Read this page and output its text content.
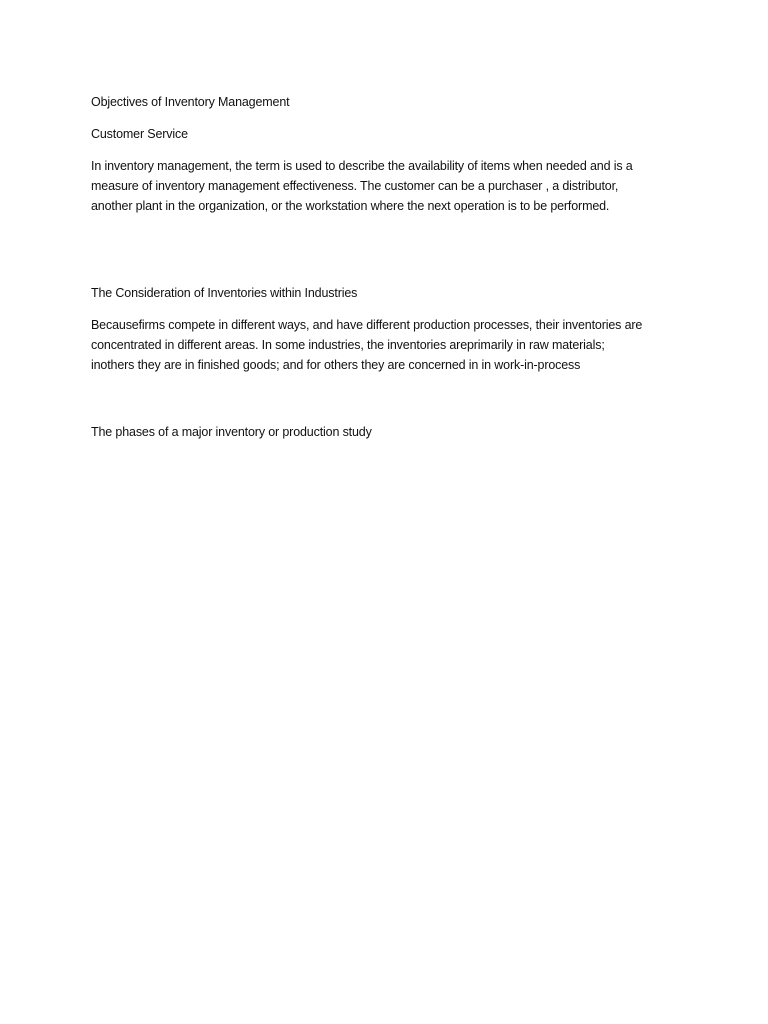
Objectives of Inventory Management

Customer Service

In inventory management, the term is used to describe the availability of items when needed and is a
measure of inventory management effectiveness. The customer can be a purchaser , a distributor,
another plant in the organization, or the workstation where the next operation is to be performed.

The Consideration of Inventories within Industries

Becausefirms compete in different ways, and have different production processes, their inventories are
concentrated in different areas. In some industries, the inventories areprimarily in raw materials;
inothers they are in finished goods; and for others they are concerned in in work-in-process

The phases of a major inventory or production study
